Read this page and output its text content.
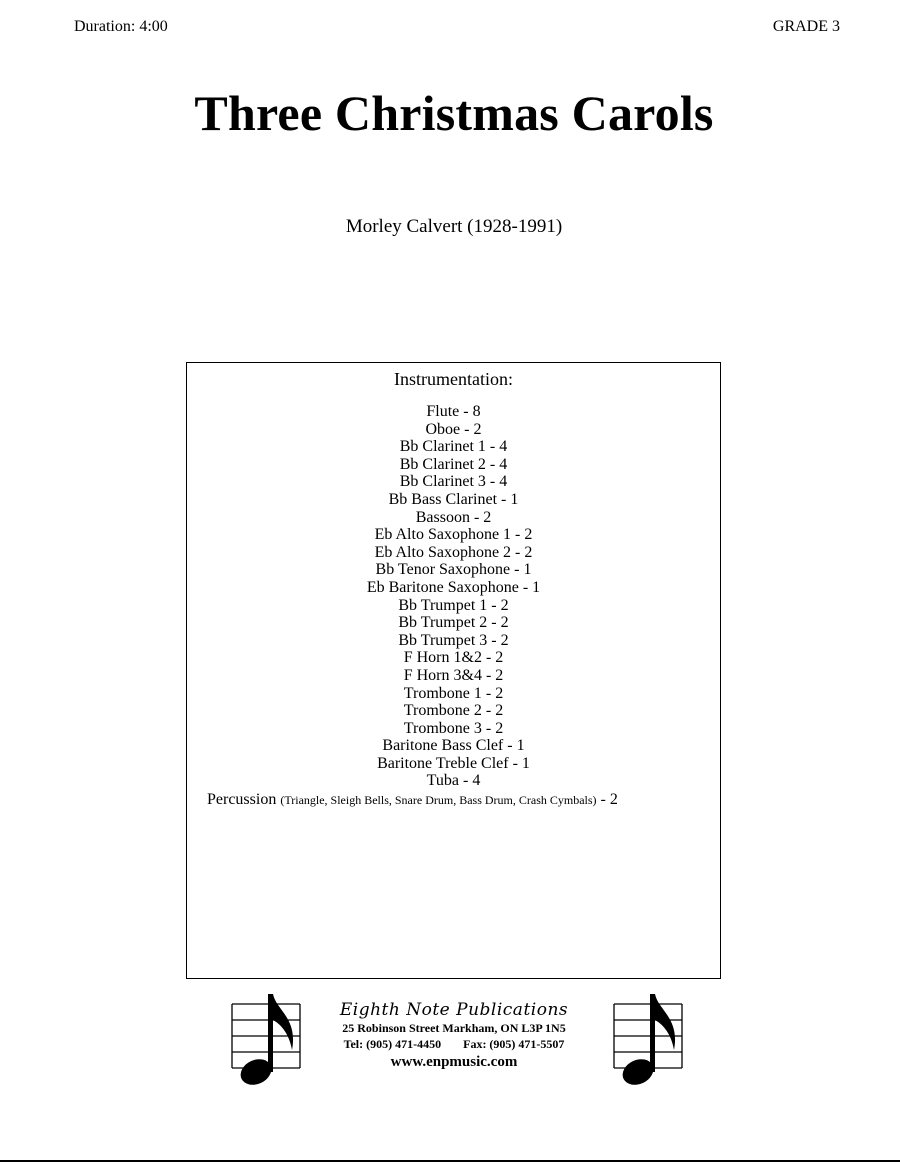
Duration: 4:00	GRADE 3
Three Christmas Carols
Morley Calvert (1928-1991)
Instrumentation:
Flute - 8
Oboe - 2
Bb Clarinet 1 - 4
Bb Clarinet 2 - 4
Bb Clarinet 3 - 4
Bb Bass Clarinet - 1
Bassoon - 2
Eb Alto Saxophone 1 - 2
Eb Alto Saxophone 2 - 2
Bb Tenor Saxophone - 1
Eb Baritone Saxophone - 1
Bb Trumpet 1 - 2
Bb Trumpet 2 - 2
Bb Trumpet 3 - 2
F Horn 1&2 - 2
F Horn 3&4 - 2
Trombone 1 - 2
Trombone 2 - 2
Trombone 3 - 2
Baritone Bass Clef - 1
Baritone Treble Clef - 1
Tuba - 4
Percussion (Triangle, Sleigh Bells, Snare Drum, Bass Drum, Crash Cymbals) - 2
Eighth Note Publications
25 Robinson Street Markham, ON L3P 1N5
Tel: (905) 471-4450 Fax: (905) 471-5507
www.enpmusic.com
